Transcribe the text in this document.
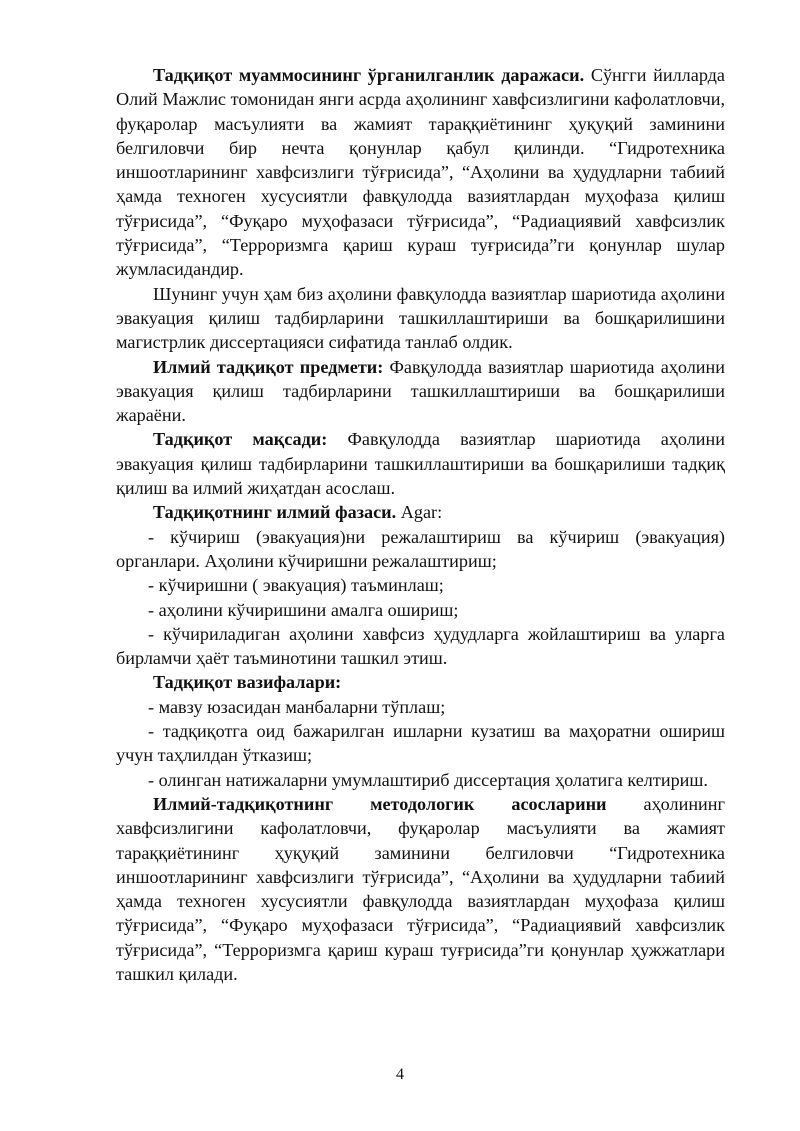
Тадқиқот муаммосининг ўрганилганлик даражаси. Сўнгги йилларда Олий Мажлис томонидан янги асрда аҳолининг хавфсизлигини кафолатловчи, фуқаролар масъулияти ва жамият тараққиётининг ҳуқуқий заминини белгиловчи бир нечта қонунлар қабул қилинди. “Гидротехника иншоотларининг хавфсизлиги тўғрисида”, “Аҳолини ва ҳудудларни табиий ҳамда техноген хусусиятли фавқулодда вазиятлардан муҳофаза қилиш тўғрисида”, “Фуқаро муҳофазаси тўғрисида”, “Радиациявий хавфсизлик тўғрисида”, “Терроризмга қариш кураш туғрисида”ги қонунлар шулар жумласидандир.

Шунинг учун ҳам биз аҳолини фавқулодда вазиятлар шариотида аҳолини эвакуация қилиш тадбирларини ташкиллаштириши ва бошқарилишини магистрлик диссертацияси сифатида танлаб олдик.

Илмий тадқиқот предмети: Фавқулодда вазиятлар шариотида аҳолини эвакуация қилиш тадбирларини ташкиллаштириши ва бошқарилиши жараёни.

Тадқиқот мақсади: Фавқулодда вазиятлар шариотида аҳолини эвакуация қилиш тадбирларини ташкиллаштириши ва бошқарилиши тадқиқ қилиш ва илмий жиҳатдан асослаш.

Тадқиқотнинг илмий фазаси. Agar:

- кўчириш (эвакуация)ни режалаштириш ва кўчириш (эвакуация) органлари. Аҳолини кўчиришни режалаштириш;

- кўчиришни ( эвакуация) таъминлаш;

- аҳолини кўчиришини амалга ошириш;

- кўчириладиган аҳолини хавфсиз ҳудудларга жойлаштириш ва уларга бирламчи ҳаёт таъминотини ташкил этиш.

Тадқиқот вазифалари:

- мавзу юзасидан манбаларни тўплаш;

- тадқиқотга оид бажарилган ишларни кузатиш ва маҳоратни ошириш учун таҳлилдан ўтказиш;

- олинган натижаларни умумлаштириб диссертация ҳолатига келтириш.

Илмий-тадқиқотнинг методологик асосларини аҳолининг хавфсизлигини кафолатловчи, фуқаролар масъулияти ва жамият тараққиётининг ҳуқуқий заминини белгиловчи “Гидротехника иншоотларининг хавфсизлиги тўғрисида”, “Аҳолини ва ҳудудларни табиий ҳамда техноген хусусиятли фавқулодда вазиятлардан муҳофаза қилиш тўғрисида”, “Фуқаро муҳофазаси тўғрисида”, “Радиациявий хавфсизлик тўғрисида”, “Терроризмга қариш кураш туғрисида”ги қонунлар ҳужжатлари ташкил қилади.

4
